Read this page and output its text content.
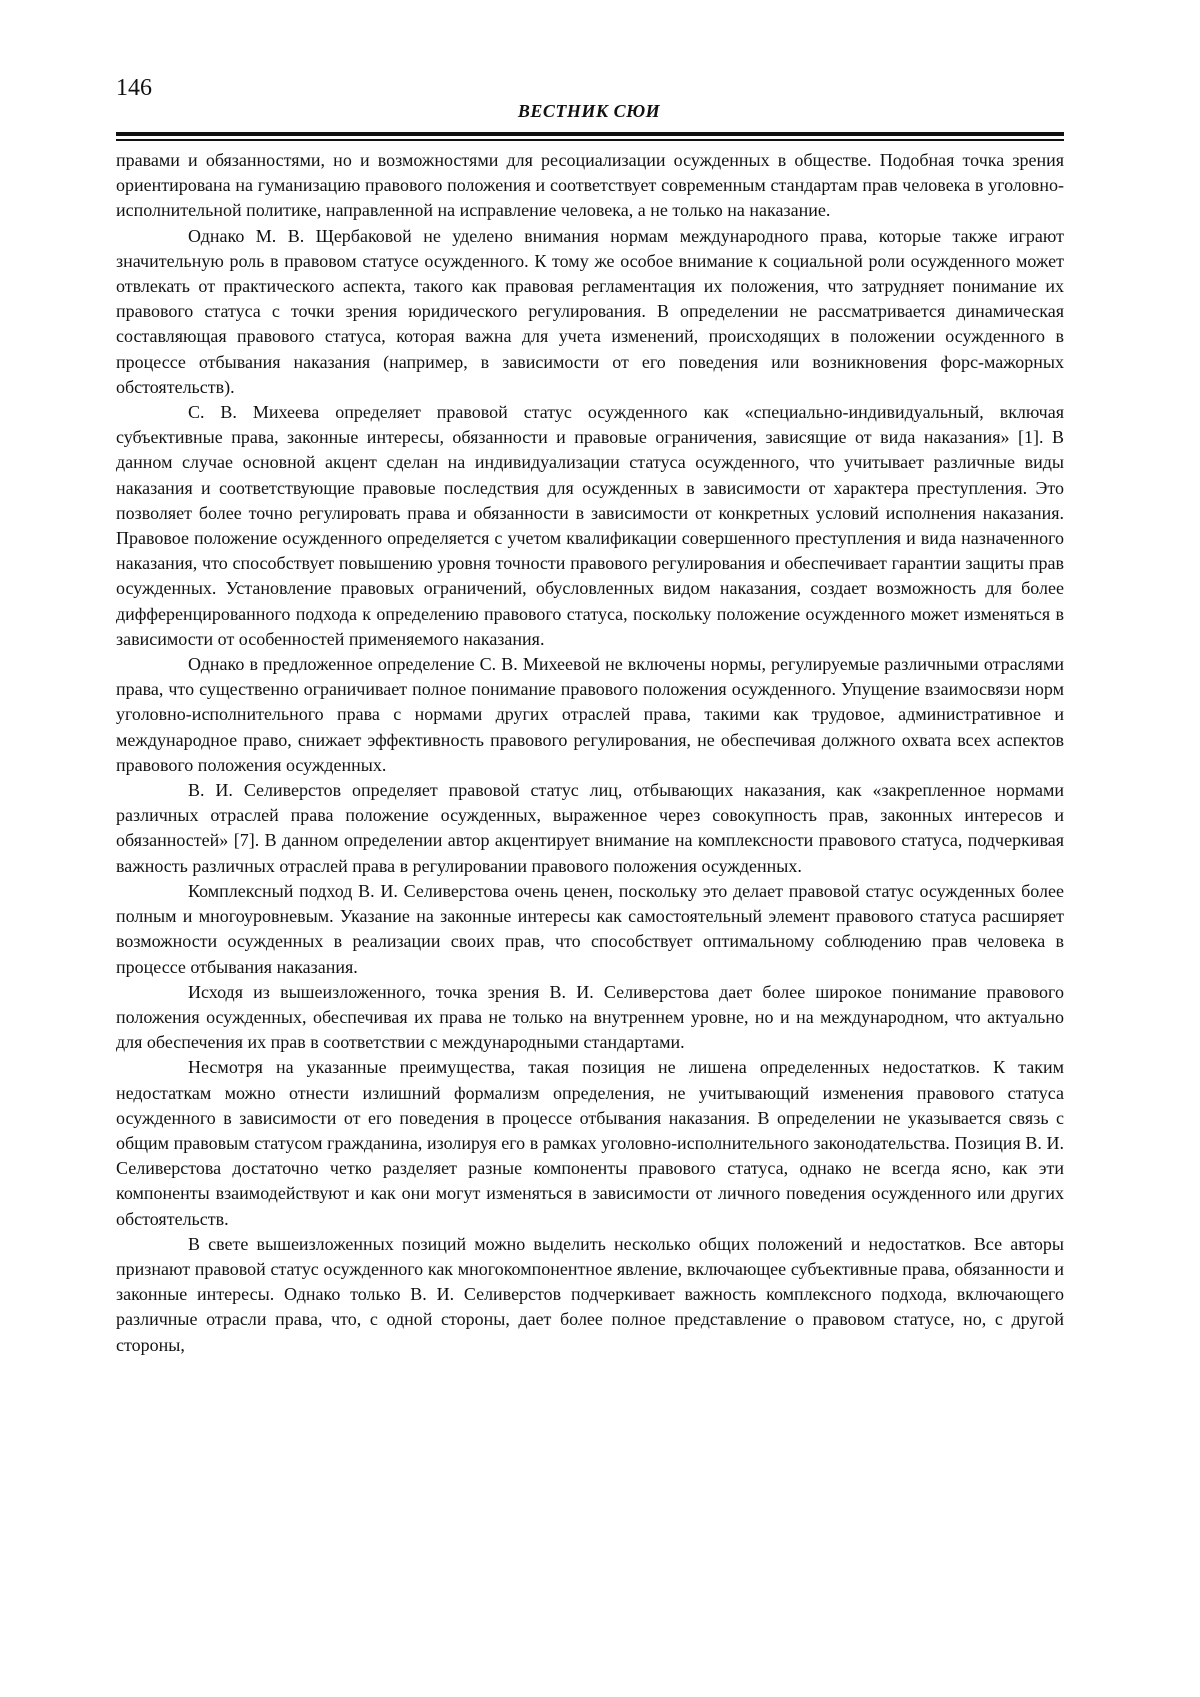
146
ВЕСТНИК СЮИ

правами и обязанностями, но и возможностями для ресоциализации осужденных в обществе. Подобная точка зрения ориентирована на гуманизацию правового положения и соответствует современным стандартам прав человека в уголовно-исполнительной политике, направленной на исправление человека, а не только на наказание.

Однако М. В. Щербаковой не уделено внимания нормам международного права, которые также играют значительную роль в правовом статусе осужденного. К тому же особое внимание к социальной роли осужденного может отвлекать от практического аспекта, такого как правовая регламентация их положения, что затрудняет понимание их правового статуса с точки зрения юридического регулирования. В определении не рассматривается динамическая составляющая правового статуса, которая важна для учета изменений, происходящих в положении осужденного в процессе отбывания наказания (например, в зависимости от его поведения или возникновения форс-мажорных обстоятельств).

С. В. Михеева определяет правовой статус осужденного как «специально-индивидуальный, включая субъективные права, законные интересы, обязанности и правовые ограничения, зависящие от вида наказания» [1]. В данном случае основной акцент сделан на индивидуализации статуса осужденного, что учитывает различные виды наказания и соответствующие правовые последствия для осужденных в зависимости от характера преступления. Это позволяет более точно регулировать права и обязанности в зависимости от конкретных условий исполнения наказания. Правовое положение осужденного определяется с учетом квалификации совершенного преступления и вида назначенного наказания, что способствует повышению уровня точности правового регулирования и обеспечивает гарантии защиты прав осужденных. Установление правовых ограничений, обусловленных видом наказания, создает возможность для более дифференцированного подхода к определению правового статуса, поскольку положение осужденного может изменяться в зависимости от особенностей применяемого наказания.

Однако в предложенное определение С. В. Михеевой не включены нормы, регулируемые различными отраслями права, что существенно ограничивает полное понимание правового положения осужденного. Упущение взаимосвязи норм уголовно-исполнительного права с нормами других отраслей права, такими как трудовое, административное и международное право, снижает эффективность правового регулирования, не обеспечивая должного охвата всех аспектов правового положения осужденных.

В. И. Селиверстов определяет правовой статус лиц, отбывающих наказания, как «закрепленное нормами различных отраслей права положение осужденных, выраженное через совокупность прав, законных интересов и обязанностей» [7]. В данном определении автор акцентирует внимание на комплексности правового статуса, подчеркивая важность различных отраслей права в регулировании правового положения осужденных.

Комплексный подход В. И. Селиверстова очень ценен, поскольку это делает правовой статус осужденных более полным и многоуровневым. Указание на законные интересы как самостоятельный элемент правового статуса расширяет возможности осужденных в реализации своих прав, что способствует оптимальному соблюдению прав человека в процессе отбывания наказания.

Исходя из вышеизложенного, точка зрения В. И. Селиверстова дает более широкое понимание правового положения осужденных, обеспечивая их права не только на внутреннем уровне, но и на международном, что актуально для обеспечения их прав в соответствии с международными стандартами.

Несмотря на указанные преимущества, такая позиция не лишена определенных недостатков. К таким недостаткам можно отнести излишний формализм определения, не учитывающий изменения правового статуса осужденного в зависимости от его поведения в процессе отбывания наказания. В определении не указывается связь с общим правовым статусом гражданина, изолируя его в рамках уголовно-исполнительного законодательства. Позиция В. И. Селиверстова достаточно четко разделяет разные компоненты правового статуса, однако не всегда ясно, как эти компоненты взаимодействуют и как они могут изменяться в зависимости от личного поведения осужденного или других обстоятельств.

В свете вышеизложенных позиций можно выделить несколько общих положений и недостатков. Все авторы признают правовой статус осужденного как многокомпонентное явление, включающее субъективные права, обязанности и законные интересы. Однако только В. И. Селиверстов подчеркивает важность комплексного подхода, включающего различные отрасли права, что, с одной стороны, дает более полное представление о правовом статусе, но, с другой стороны,
